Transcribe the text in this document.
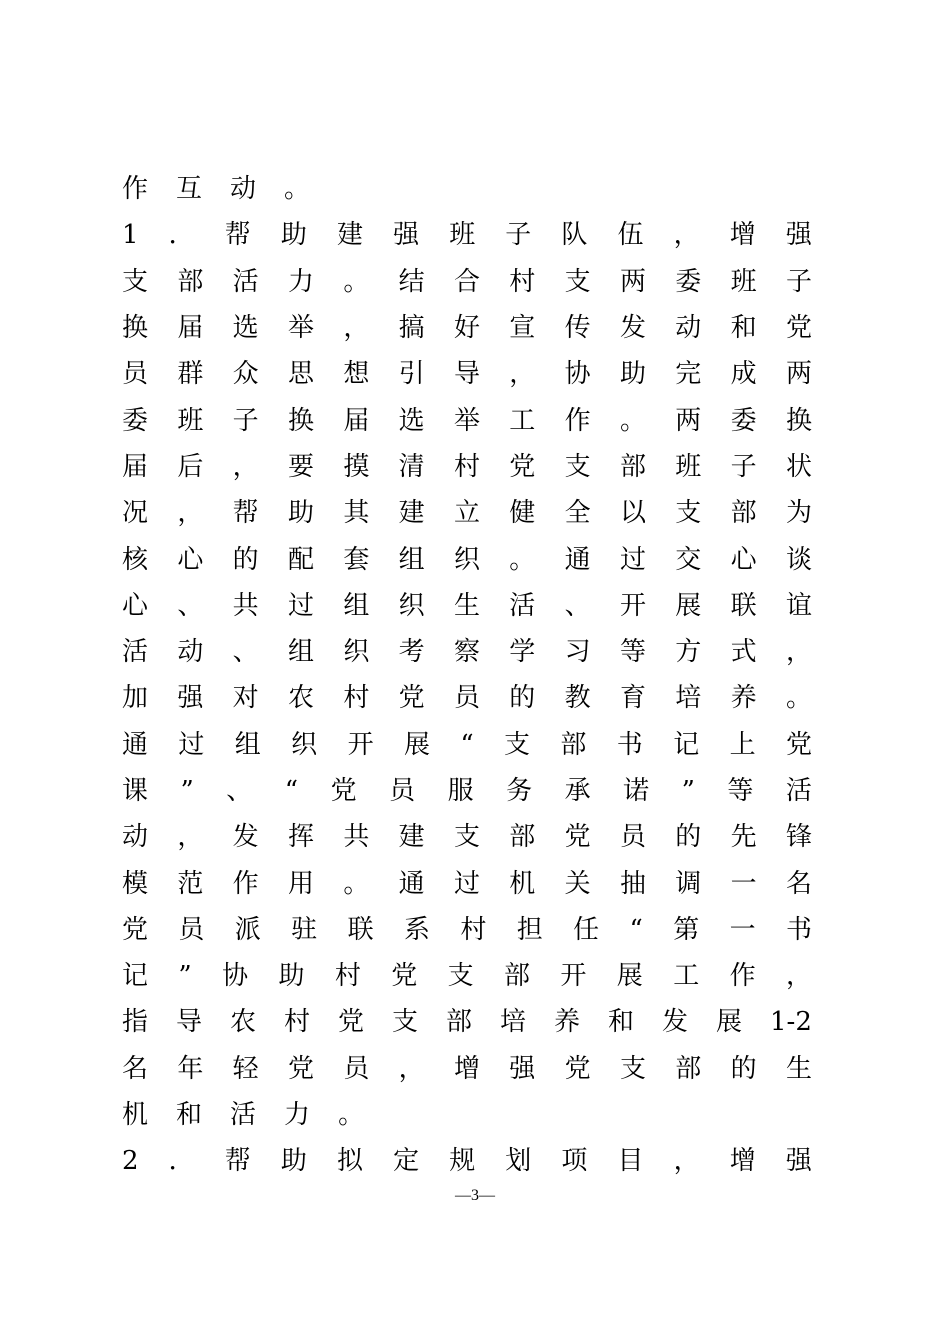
作 互 动 。
1 ． 帮 助 建 强 班 子 队 伍 ， 增 强
支 部 活 力 。 结 合 村 支 两 委 班 子
换 届 选 举 ， 搞 好 宣 传 发 动 和 党
员 群 众 思 想 引 导 ， 协 助 完 成 两
委 班 子 换 届 选 举 工 作 。 两 委 换
届 后 ， 要 摸 清 村 党 支 部 班 子 状
况 ， 帮 助 其 建 立 健 全 以 支 部 为
核 心 的 配 套 组 织 。 通 过 交 心 谈
心 、 共 过 组 织 生 活 、 开 展 联 谊
活 动 、 组 织 考 察 学 习 等 方 式 ，
加 强 对 农 村 党 员 的 教 育 培 养 。
通 过 组 织 开 展 “ 支 部 书 记 上 党
课 ” 、 “ 党 员 服 务 承 诺 ” 等 活
动 ， 发 挥 共 建 支 部 党 员 的 先 锋
模 范 作 用 。 通 过 机 关 抽 调 一 名
党 员 派 驻 联 系 村 担 任 “ 第 一 书
记 ” 协 助 村 党 支 部 开 展 工 作 ，
指 导 农 村 党 支 部 培 养 和 发 展 1-2
名 年 轻 党 员 ， 增 强 党 支 部 的 生
机 和 活 力 。
2 ． 帮 助 拟 定 规 划 项 目 ， 增 强
—3—
